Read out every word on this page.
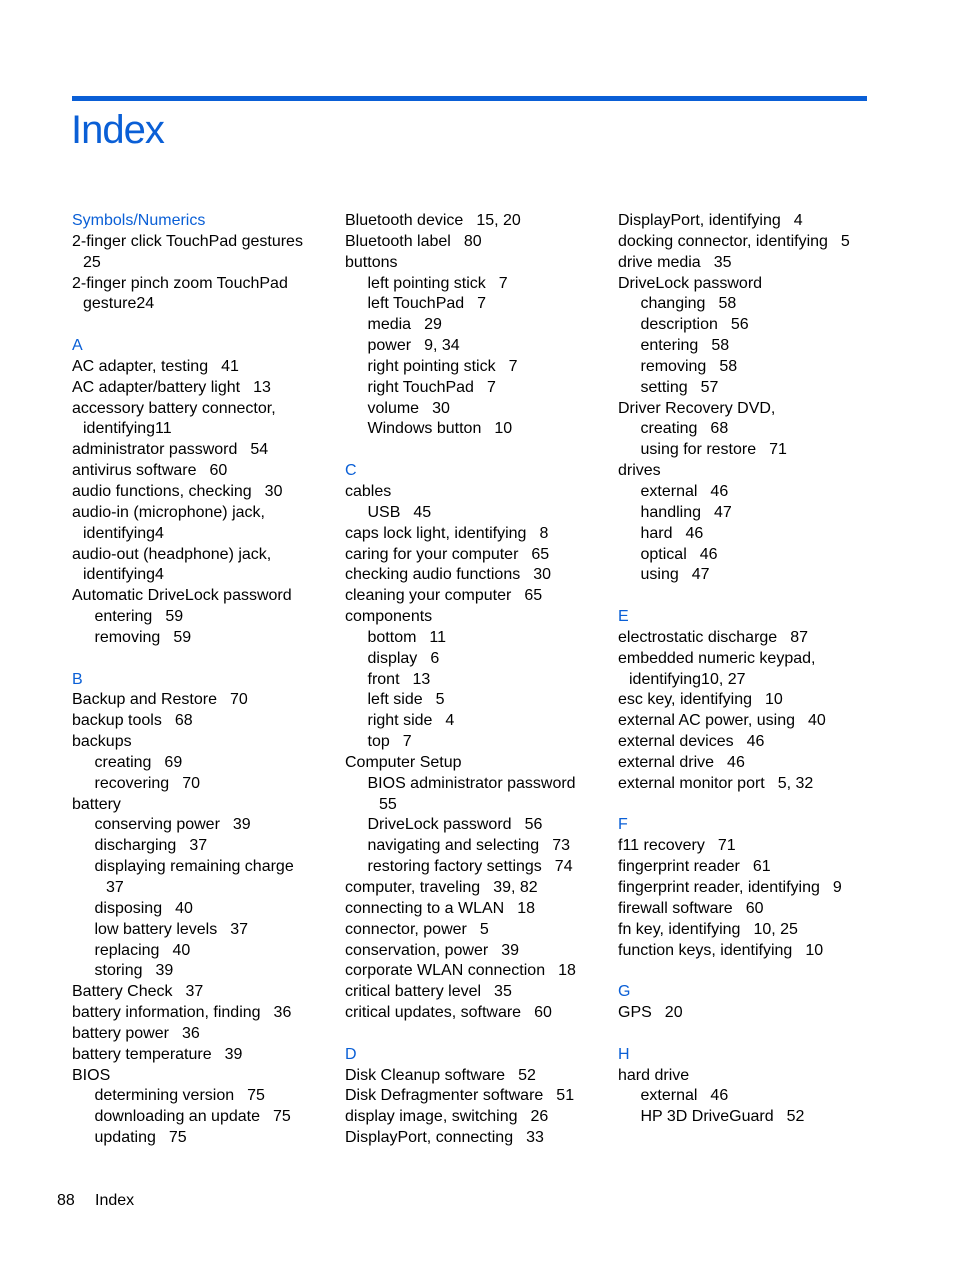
Index
Symbols/Numerics
2-finger click TouchPad gestures
25
2-finger pinch zoom TouchPad
gesture24
A
AC adapter, testing 41
AC adapter/battery light 13
accessory battery connector,
identifying11
administrator password 54
antivirus software 60
audio functions, checking 30
audio-in (microphone) jack,
identifying4
audio-out (headphone) jack,
identifying4
Automatic DriveLock password
entering 59
removing 59
B
Backup and Restore 70
backup tools 68
backups
creating 69
recovering 70
battery
conserving power 39
discharging 37
displaying remaining charge
37
disposing 40
low battery levels 37
replacing 40
storing 39
Battery Check 37
battery information, finding 36
battery power 36
battery temperature 39
BIOS
determining version 75
downloading an update 75
updating 75
Bluetooth device 15, 20
Bluetooth label 80
buttons
left pointing stick 7
left TouchPad 7
media 29
power 9, 34
right pointing stick 7
right TouchPad 7
volume 30
Windows button 10
C
cables
USB 45
caps lock light, identifying 8
caring for your computer 65
checking audio functions 30
cleaning your computer 65
components
bottom 11
display 6
front 13
left side 5
right side 4
top 7
Computer Setup
BIOS administrator password
55
DriveLock password 56
navigating and selecting 73
restoring factory settings 74
computer, traveling 39, 82
connecting to a WLAN 18
connector, power 5
conservation, power 39
corporate WLAN connection 18
critical battery level 35
critical updates, software 60
D
Disk Cleanup software 52
Disk Defragmenter software 51
display image, switching 26
DisplayPort, connecting 33
DisplayPort, identifying 4
docking connector, identifying 5
drive media 35
DriveLock password
changing 58
description 56
entering 58
removing 58
setting 57
Driver Recovery DVD,
creating 68
using for restore 71
drives
external 46
handling 47
hard 46
optical 46
using 47
E
electrostatic discharge 87
embedded numeric keypad,
identifying10, 27
esc key, identifying 10
external AC power, using 40
external devices 46
external drive 46
external monitor port 5, 32
F
f11 recovery 71
fingerprint reader 61
fingerprint reader, identifying 9
firewall software 60
fn key, identifying 10, 25
function keys, identifying 10
G
GPS 20
H
hard drive
external 46
HP 3D DriveGuard 52
88 Index
